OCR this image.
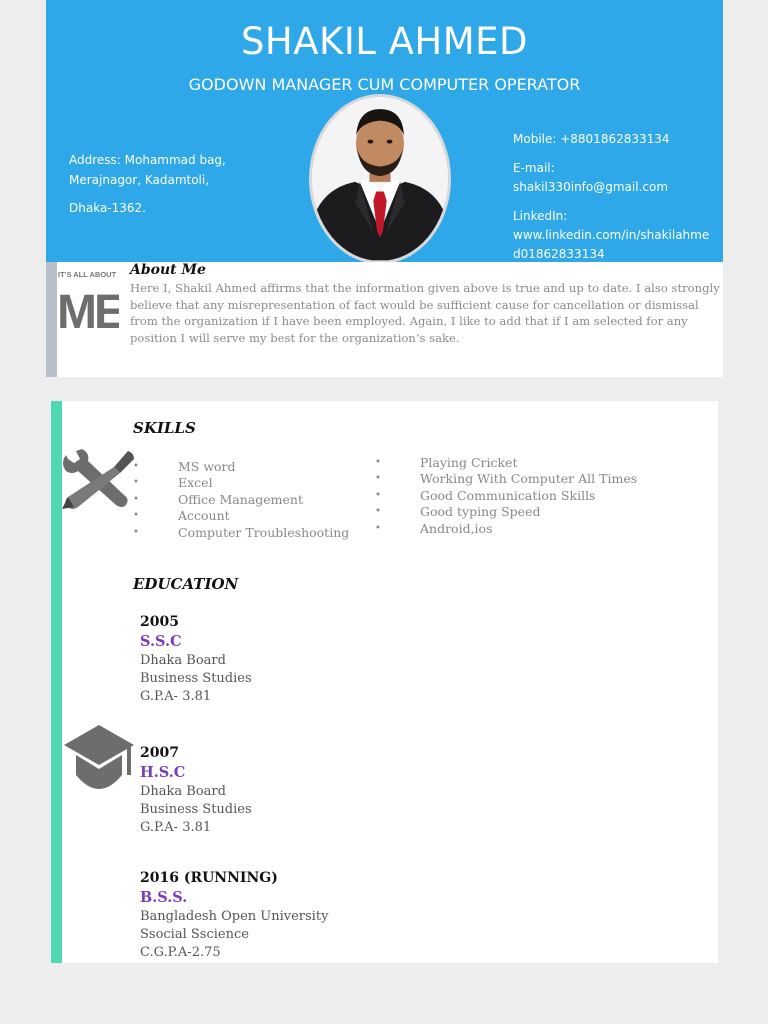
SHAKIL AHMED
GODOWN MANAGER CUM COMPUTER OPERATOR
Address: Mohammad bag,
Merajnagor, Kadamtoli,
Dhaka-1362.
Mobile: +8801862833134
E-mail: shakil330info@gmail.com
LinkedIn:
www.linkedin.com/in/shakilahmed01862833134
IT'S ALL ABOUT
ME
About Me

Here I, Shakil Ahmed affirms that the information given above is true and up to date. I also strongly believe that any misrepresentation of fact would be sufficient cause for cancellation or dismissal from the organization if I have been employed. Again, I like to add that if I am selected for any position I will serve my best for the organization’s sake.

SKILLS
• MS word
• Excel
• Office Management
• Account
• Computer Troubleshooting
• Playing Cricket
• Working With Computer All Times
• Good Communication Skills
• Good typing Speed
• Android,ios
EDUCATION
2005
S.S.C
Dhaka Board
Business Studies
G.P.A- 3.81
2007
H.S.C
Dhaka Board
Business Studies
G.P.A- 3.81
2016 (RUNNING)
B.S.S.
Bangladesh Open University
Ssocial Sscience
C.G.P.A-2.75
